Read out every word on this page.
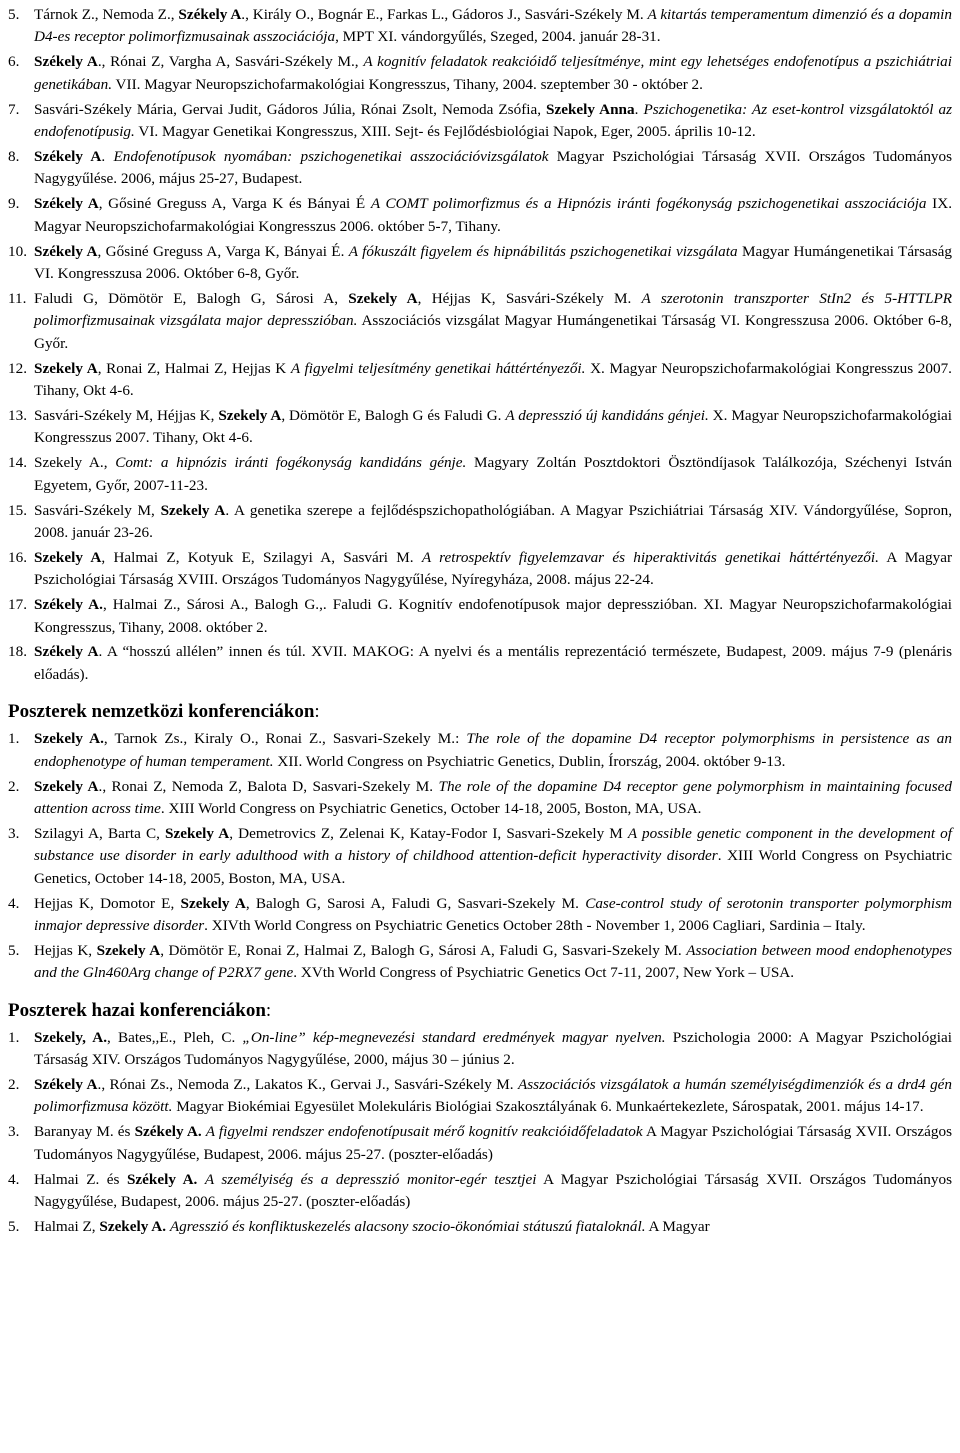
5. Tárnok Z., Nemoda Z., Székely A., Király O., Bognár E., Farkas L., Gádoros J., Sasvári-Székely M. A kitartás temperamentum dimenzió és a dopamin D4-es receptor polimorfizmusainak asszociációja, MPT XI. vándorgyűlés, Szeged, 2004. január 28-31.
6. Székely A., Rónai Z, Vargha A, Sasvári-Székely M., A kognitív feladatok reakcióidő teljesítménye, mint egy lehetséges endofenotípus a pszichiátriai genetikában. VII. Magyar Neuropszichofarmakológiai Kongresszus, Tihany, 2004. szeptember 30 - október 2.
7. Sasvári-Székely Mária, Gervai Judit, Gádoros Júlia, Rónai Zsolt, Nemoda Zsófia, Szekely Anna. Pszichogenetika: Az eset-kontrol vizsgálatoktól az endofenotípusig. VI. Magyar Genetikai Kongresszus, XIII. Sejt- és Fejlődésbiológiai Napok, Eger, 2005. április 10-12.
8. Székely A. Endofenotípusok nyomában: pszichogenetikai asszociációvizsgálatok Magyar Pszichológiai Társaság XVII. Országos Tudományos Nagygyűlése. 2006, május 25-27, Budapest.
9. Székely A, Gősiné Greguss A, Varga K és Bányai É A COMT polimorfizmus és a Hipnózis iránti fogékonyság pszichogenetikai asszociációja IX. Magyar Neuropszichofarmakológiai Kongresszus 2006. október 5-7, Tihany.
10. Székely A, Gősiné Greguss A, Varga K, Bányai É. A fókuszált figyelem és hipnábilitás pszichogenetikai vizsgálata Magyar Humángenetikai Társaság VI. Kongresszusa 2006. Október 6-8, Győr.
11. Faludi G, Dömötör E, Balogh G, Sárosi A, Szekely A, Héjjas K, Sasvári-Székely M. A szerotonin transzporter StIn2 és 5-HTTLPR polimorfizmusainak vizsgálata major depresszióban. Asszociációs vizsgálat Magyar Humángenetikai Társaság VI. Kongresszusa 2006. Október 6-8, Győr.
12. Szekely A, Ronai Z, Halmai Z, Hejjas K A figyelmi teljesítmény genetikai háttértényezői. X. Magyar Neuropszichofarmakológiai Kongresszus 2007. Tihany, Okt 4-6.
13. Sasvári-Székely M, Héjjas K, Szekely A, Dömötör E, Balogh G és Faludi G. A depresszió új kandidáns génjei. X. Magyar Neuropszichofarmakológiai Kongresszus 2007. Tihany, Okt 4-6.
14. Szekely A., Comt: a hipnózis iránti fogékonyság kandidáns génje. Magyary Zoltán Posztdoktori Ösztöndíjasok Találkozója, Széchenyi István Egyetem, Győr, 2007-11-23.
15. Sasvári-Székely M, Szekely A. A genetika szerepe a fejlődéspszichopathológiában. A Magyar Pszichiátriai Társaság XIV. Vándorgyűlése, Sopron, 2008. január 23-26.
16. Szekely A, Halmai Z, Kotyuk E, Szilagyi A, Sasvári M. A retrospektív figyelemzavar és hiperaktivitás genetikai háttértényezői. A Magyar Pszichológiai Társaság XVIII. Országos Tudományos Nagygyűlése, Nyíregyháza, 2008. május 22-24.
17. Székely A., Halmai Z., Sárosi A., Balogh G.,. Faludi G. Kognitív endofenotípusok major depresszióban. XI. Magyar Neuropszichofarmakológiai Kongresszus, Tihany, 2008. október 2.
18. Székely A. A “hosszú allélen” innen és túl. XVII. MAKOG: A nyelvi és a mentális reprezentáció természete, Budapest, 2009. május 7-9 (plenáris előadás).
Poszterek nemzetközi konferenciákon:
1. Szekely A., Tarnok Zs., Kiraly O., Ronai Z., Sasvari-Szekely M.: The role of the dopamine D4 receptor polymorphisms in persistence as an endophenotype of human temperament. XII. World Congress on Psychiatric Genetics, Dublin, Írország, 2004. október 9-13.
2. Szekely A., Ronai Z, Nemoda Z, Balota D, Sasvari-Szekely M. The role of the dopamine D4 receptor gene polymorphism in maintaining focused attention across time. XIII World Congress on Psychiatric Genetics, October 14-18, 2005, Boston, MA, USA.
3. Szilagyi A, Barta C, Szekely A, Demetrovics Z, Zelenai K, Katay-Fodor I, Sasvari-Szekely M A possible genetic component in the development of substance use disorder in early adulthood with a history of childhood attention-deficit hyperactivity disorder. XIII World Congress on Psychiatric Genetics, October 14-18, 2005, Boston, MA, USA.
4. Hejjas K, Domotor E, Szekely A, Balogh G, Sarosi A, Faludi G, Sasvari-Szekely M. Case-control study of serotonin transporter polymorphism inmajor depressive disorder. XIVth World Congress on Psychiatric Genetics October 28th - November 1, 2006 Cagliari, Sardinia – Italy.
5. Hejjas K, Szekely A, Dömötör E, Ronai Z, Halmai Z, Balogh G, Sárosi A, Faludi G, Sasvari-Szekely M. Association between mood endophenotypes and the Gln460Arg change of P2RX7 gene. XVth World Congress of Psychiatric Genetics Oct 7-11, 2007, New York – USA.
Poszterek hazai konferenciákon:
1. Szekely, A., Bates,,E., Pleh, C. „On-line” kép-megnevezési standard eredmények magyar nyelven. Pszichologia 2000: A Magyar Pszichológiai Társaság XIV. Országos Tudományos Nagygyűlése, 2000, május 30 – június 2.
2. Székely A., Rónai Zs., Nemoda Z., Lakatos K., Gervai J., Sasvári-Székely M. Asszociációs vizsgálatok a humán személyiségdimenziók és a drd4 gén polimorfizmusa között. Magyar Biokémiai Egyesület Molekuláris Biológiai Szakosztályának 6. Munkaértekezlete, Sárospatak, 2001. május 14-17.
3. Baranyay M. és Székely A. A figyelmi rendszer endofenotípusait mérő kognitív reakcióidőfeladatok A Magyar Pszichológiai Társaság XVII. Országos Tudományos Nagygyűlése, Budapest, 2006. május 25-27. (poszter-előadás)
4. Halmai Z. és Székely A. A személyiség és a depresszió monitor-egér tesztjei A Magyar Pszichológiai Társaság XVII. Országos Tudományos Nagygyűlése, Budapest, 2006. május 25-27. (poszter-előadás)
5. Halmai Z, Szekely A. Agresszió és konfliktuskezelés alacsony szocio-ökonómiai státuszú fiataloknál. A Magyar
